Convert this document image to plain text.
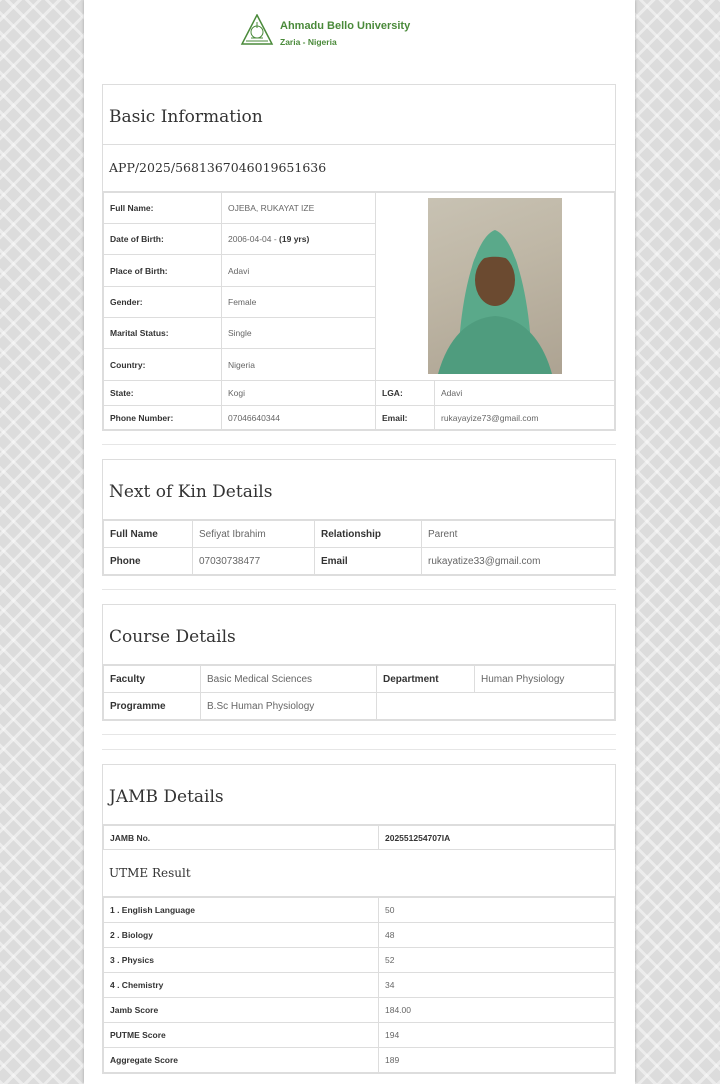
Ahmadu Bello University
Zaria - Nigeria
Basic Information
APP/2025/5681367046019651636
Full Name:	OJEBA, RUKAYAT IZE	

Date of Birth:	2006-04-04 - (19 yrs)		
Place of Birth:	Adavi		
Gender:	Female		
Marital Status:	Single		
Country:	Nigeria		
State:	Kogi	LGA:	Adavi
Phone Number:	07046640344	Email:	rukayayize73@gmail.com
Next of Kin Details
Full Name	Sefiyat Ibrahim	Relationship	Parent
Phone	07030738477	Email	rukayatize33@gmail.com
Course Details
Faculty	Basic Medical Sciences	Department	Human Physiology
Programme	B.Sc Human Physiology		
JAMB Details
JAMB No.	202551254707IA
UTME Result
1 . English Language	50
2 . Biology	48
3 . Physics	52
4 . Chemistry	34
Jamb Score	184.00
PUTME Score	194
Aggregate Score	189
